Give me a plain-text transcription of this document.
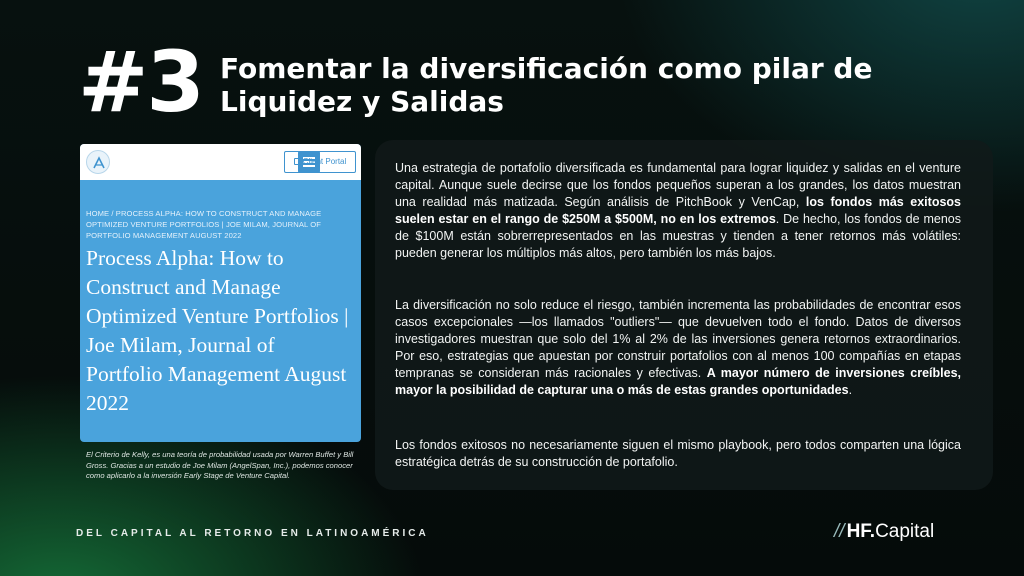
#3 Fomentar la diversificación como pilar de Liquidez y Salidas
Client Portal
HOME / PROCESS ALPHA: HOW TO CONSTRUCT AND MANAGE OPTIMIZED VENTURE PORTFOLIOS | JOE MILAM, JOURNAL OF PORTFOLIO MANAGEMENT AUGUST 2022
Process Alpha: How to Construct and Manage Optimized Venture Portfolios | Joe Milam, Journal of Portfolio Management August 2022
El Criterio de Kelly, es una teoría de probabilidad usada por Warren Buffet y Bill Gross. Gracias a un estudio de Joe Milam (AngelSpan, Inc.), podemos conocer como aplicarlo a la inversión Early Stage de Venture Capital.

Una estrategia de portafolio diversificada es fundamental para lograr liquidez y salidas en el venture capital. Aunque suele decirse que los fondos pequeños superan a los grandes, los datos muestran una realidad más matizada. Según análisis de PitchBook y VenCap, los fondos más exitosos suelen estar en el rango de $250M a $500M, no en los extremos. De hecho, los fondos de menos de $100M están sobrerrepresentados en las muestras y tienden a tener retornos más volátiles: pueden generar los múltiplos más altos, pero también los más bajos.

La diversificación no solo reduce el riesgo, también incrementa las probabilidades de encontrar esos casos excepcionales —los llamados "outliers"— que devuelven todo el fondo. Datos de diversos investigadores muestran que solo del 1% al 2% de las inversiones genera retornos extraordinarios. Por eso, estrategias que apuestan por construir portafolios con al menos 100 compañías en etapas tempranas se consideran más racionales y efectivas. A mayor número de inversiones creíbles, mayor la posibilidad de capturar una o más de estas grandes oportunidades.

Los fondos exitosos no necesariamente siguen el mismo playbook, pero todos comparten una lógica estratégica detrás de su construcción de portafolio.

DEL CAPITAL AL RETORNO EN LATINOAMÉRICA	// HF.Capital
